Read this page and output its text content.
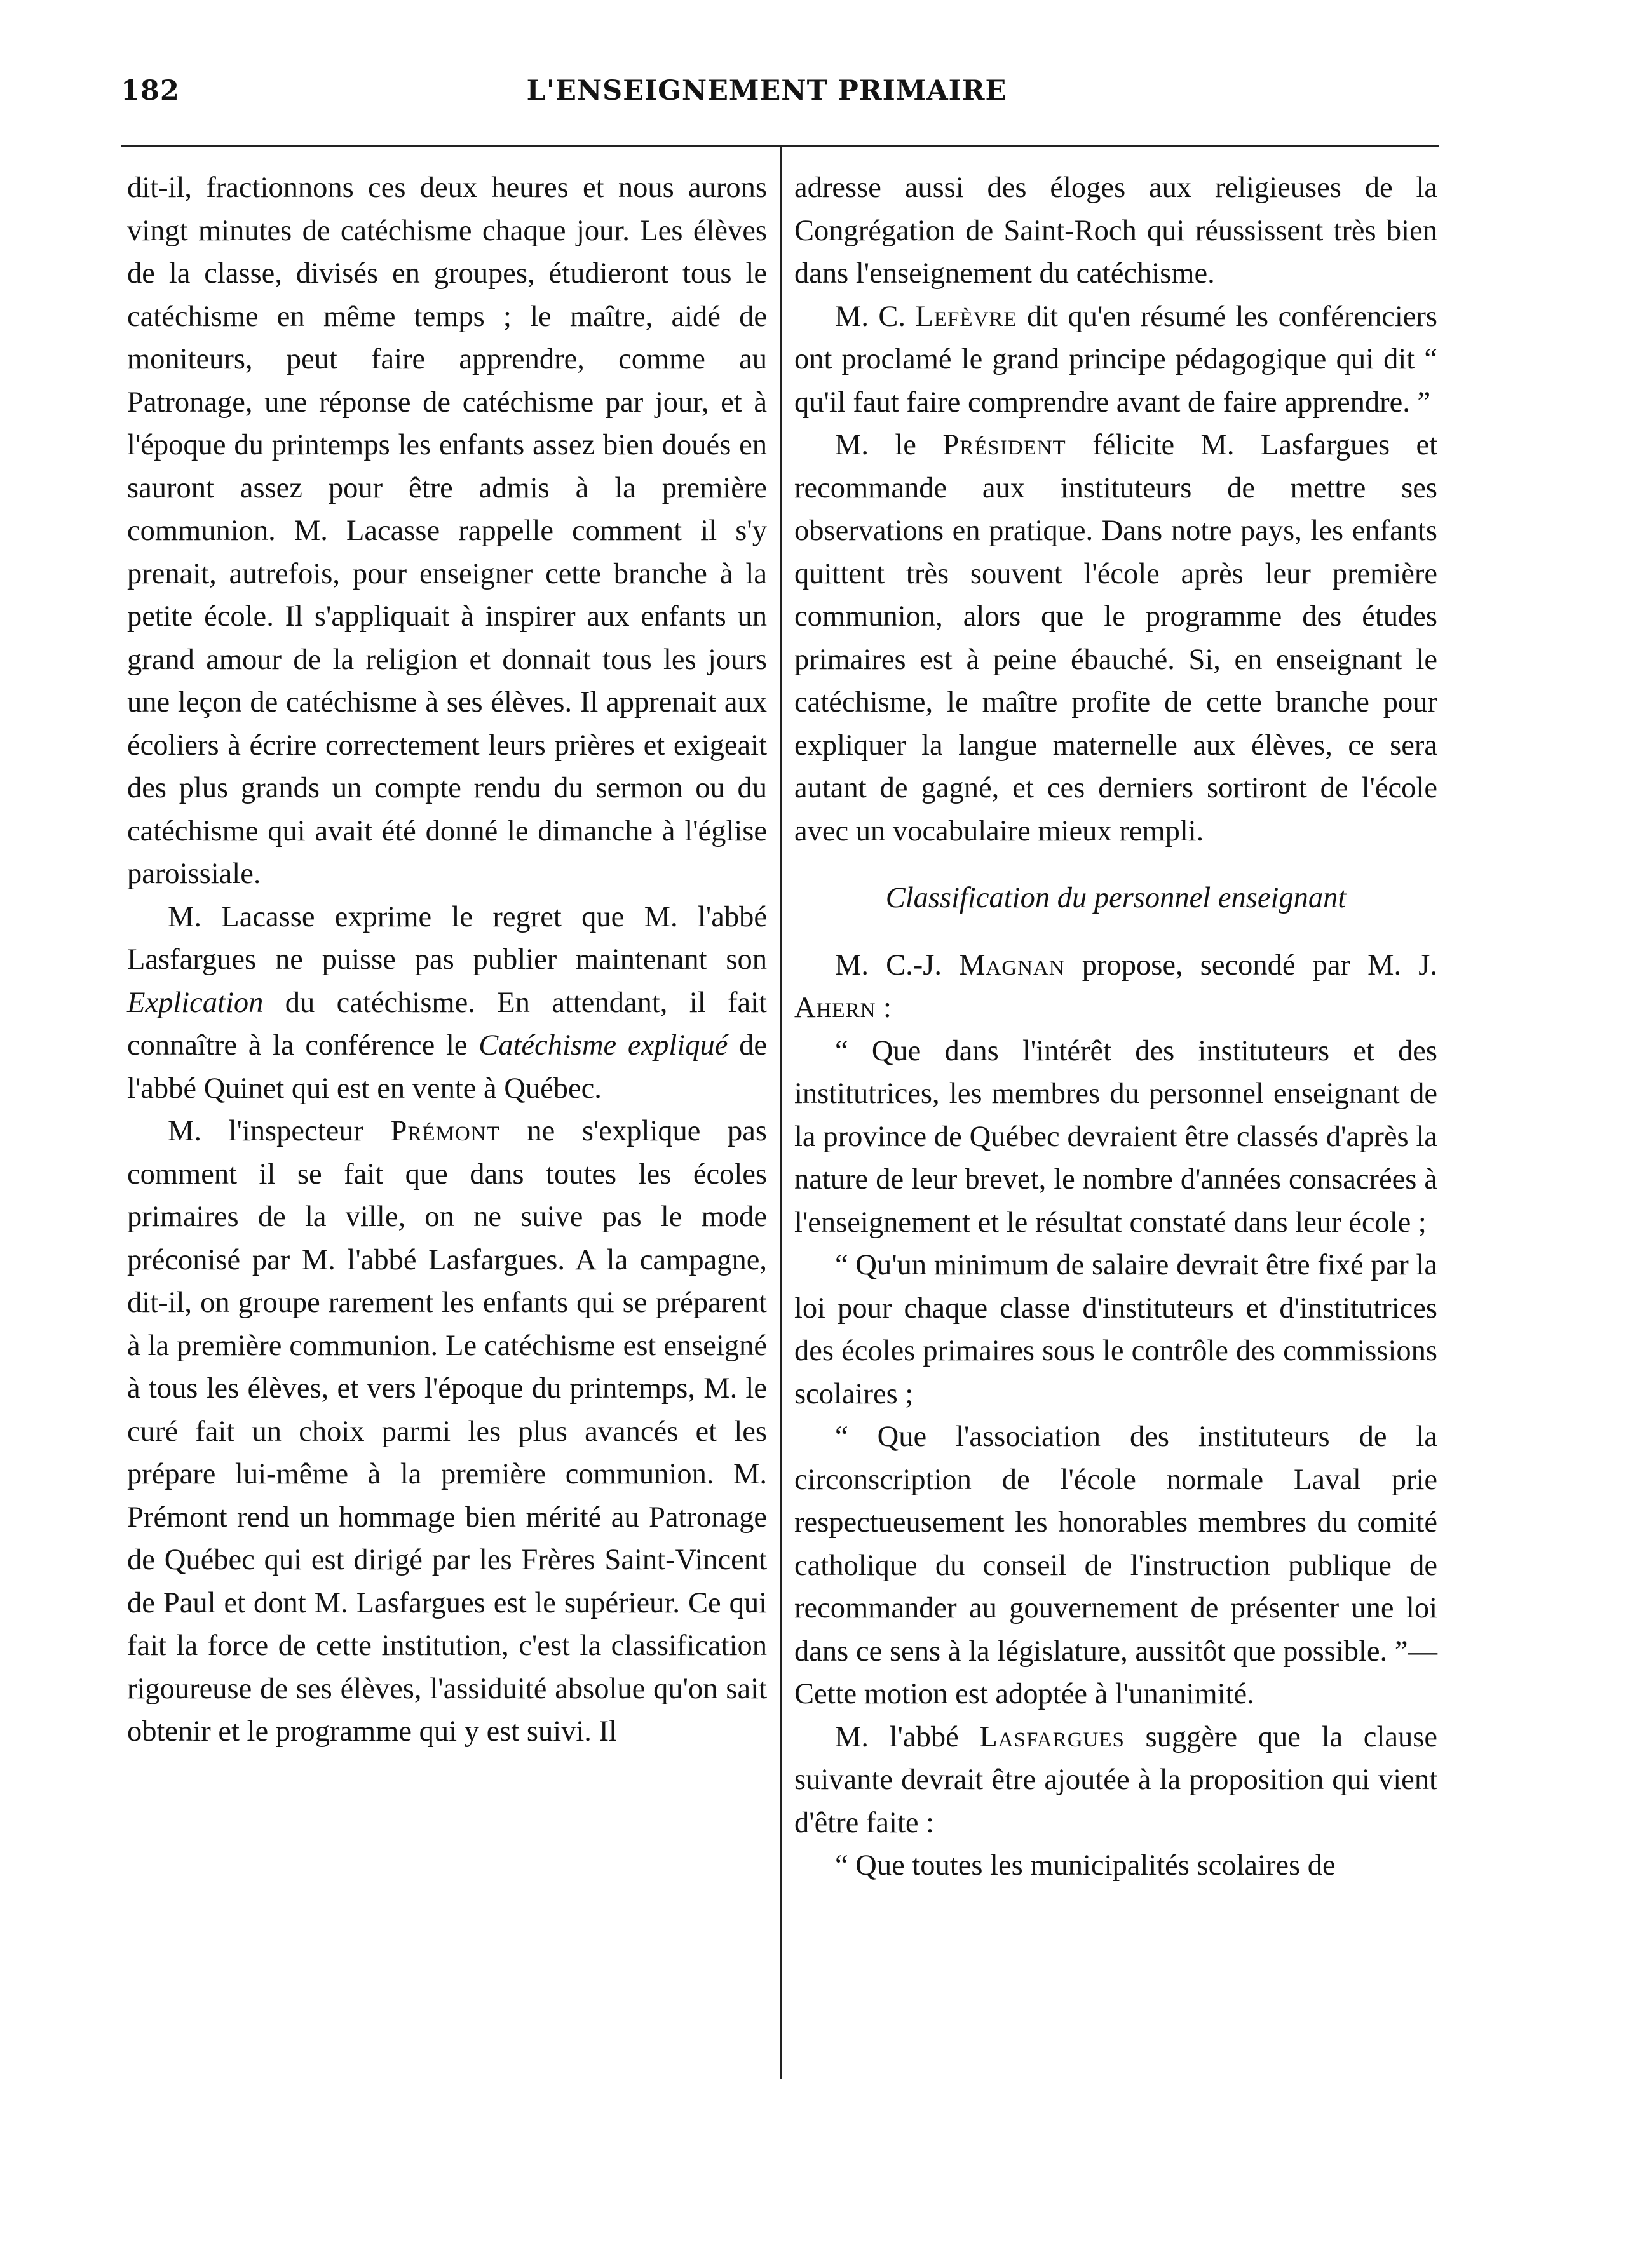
182	L'ENSEIGNEMENT PRIMAIRE

dit-il, fractionnons ces deux heures et nous aurons vingt minutes de catéchisme chaque jour. Les élèves de la classe, divisés en groupes, étudieront tous le catéchisme en même temps ; le maître, aidé de moniteurs, peut faire apprendre, comme au Patronage, une réponse de catéchisme par jour, et à l'époque du printemps les enfants assez bien doués en sauront assez pour être admis à la première communion. M. Lacasse rappelle comment il s'y prenait, autrefois, pour enseigner cette branche à la petite école. Il s'appliquait à inspirer aux enfants un grand amour de la religion et donnait tous les jours une leçon de catéchisme à ses élèves. Il apprenait aux écoliers à écrire correctement leurs prières et exigeait des plus grands un compte rendu du sermon ou du catéchisme qui avait été donné le dimanche à l'église paroissiale.

M. Lacasse exprime le regret que M. l'abbé Lasfargues ne puisse pas publier maintenant son Explication du catéchisme. En attendant, il fait connaître à la conférence le Catéchisme expliqué de l'abbé Quinet qui est en vente à Québec.

M. l'inspecteur Prémont ne s'explique pas comment il se fait que dans toutes les écoles primaires de la ville, on ne suive pas le mode préconisé par M. l'abbé Lasfargues. A la campagne, dit-il, on groupe rarement les enfants qui se préparent à la première communion. Le catéchisme est enseigné à tous les élèves, et vers l'époque du printemps, M. le curé fait un choix parmi les plus avancés et les prépare lui-même à la première communion. M. Prémont rend un hommage bien mérité au Patronage de Québec qui est dirigé par les Frères Saint-Vincent de Paul et dont M. Lasfargues est le supérieur. Ce qui fait la force de cette institution, c'est la classification rigoureuse de ses élèves, l'assiduité absolue qu'on sait obtenir et le programme qui y est suivi. Il

adresse aussi des éloges aux religieuses de la Congrégation de Saint-Roch qui réussissent très bien dans l'enseignement du catéchisme.

M. C. Lefèvre dit qu'en résumé les conférenciers ont proclamé le grand principe pédagogique qui dit “ qu'il faut faire comprendre avant de faire apprendre. ”

M. le Président félicite M. Lasfargues et recommande aux instituteurs de mettre ses observations en pratique. Dans notre pays, les enfants quittent très souvent l'école après leur première communion, alors que le programme des études primaires est à peine ébauché. Si, en enseignant le catéchisme, le maître profite de cette branche pour expliquer la langue maternelle aux élèves, ce sera autant de gagné, et ces derniers sortiront de l'école avec un vocabulaire mieux rempli.

Classification du personnel enseignant

M. C.-J. Magnan propose, secondé par M. J. Ahern :

“ Que dans l'intérêt des instituteurs et des institutrices, les membres du personnel enseignant de la province de Québec devraient être classés d'après la nature de leur brevet, le nombre d'années consacrées à l'enseignement et le résultat constaté dans leur école ;

“ Qu'un minimum de salaire devrait être fixé par la loi pour chaque classe d'instituteurs et d'institutrices des écoles primaires sous le contrôle des commissions scolaires ;

“ Que l'association des instituteurs de la circonscription de l'école normale Laval prie respectueusement les honorables membres du comité catholique du conseil de l'instruction publique de recommander au gouvernement de présenter une loi dans ce sens à la législature, aussitôt que possible. ”— Cette motion est adoptée à l'unanimité.

M. l'abbé Lasfargues suggère que la clause suivante devrait être ajoutée à la proposition qui vient d'être faite :

“ Que toutes les municipalités scolaires de
